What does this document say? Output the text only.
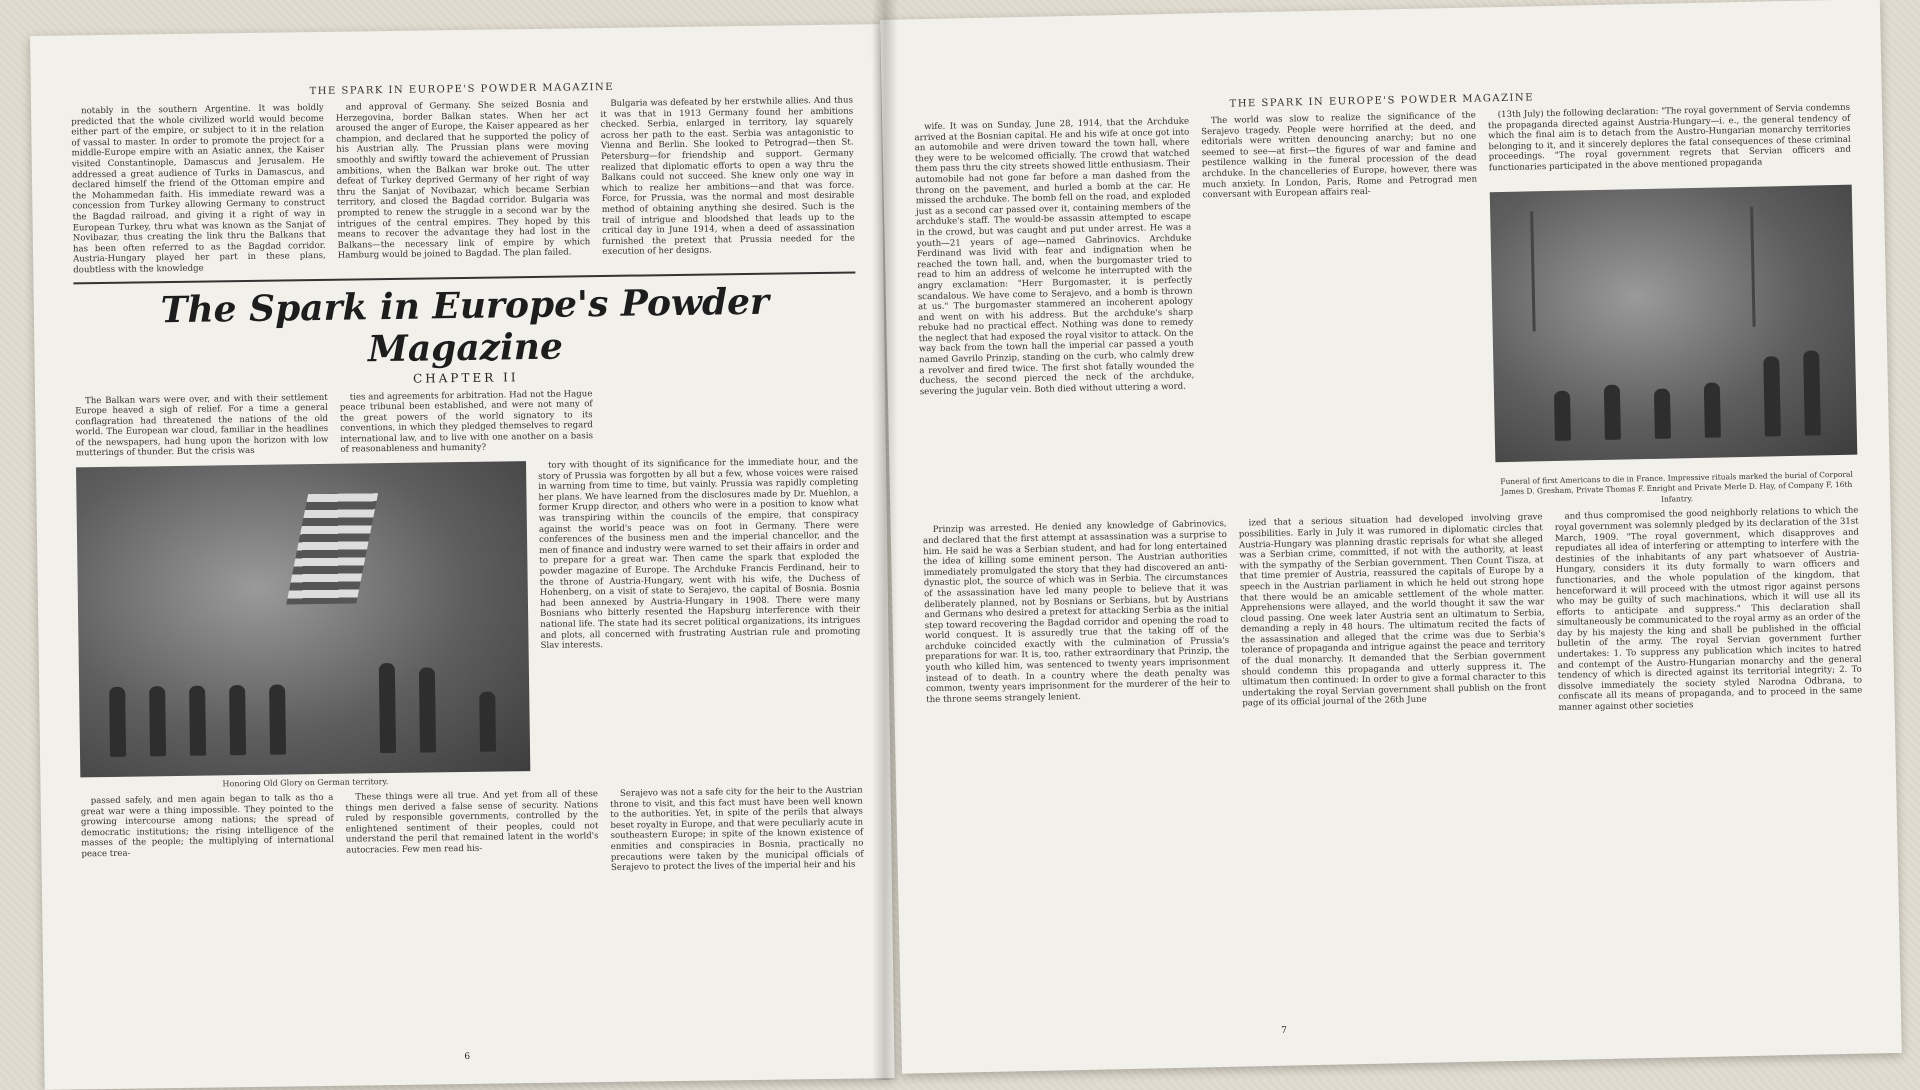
THE SPARK IN EUROPE'S POWDER MAGAZINE

notably in the southern Argentine. It was boldly predicted that the whole civilized world would become either part of the empire, or subject to it in the relation of vassal to master. In order to promote the project for a middle-Europe empire with an Asiatic annex, the Kaiser visited Constantinople, Damascus and Jerusalem. He addressed a great audience of Turks in Damascus, and declared himself the friend of the Ottoman empire and the Mohammedan faith. His immediate reward was a concession from Turkey allowing Germany to construct the Bagdad railroad, and giving it a right of way in European Turkey, thru what was known as the Sanjat of Novibazar, thus creating the link thru the Balkans that has been often referred to as the Bagdad corridor. Austria-Hungary played her part in these plans, doubtless with the knowledge

and approval of Germany. She seized Bosnia and Herzegovina, border Balkan states. When her act aroused the anger of Europe, the Kaiser appeared as her champion, and declared that he supported the policy of his Austrian ally. The Prussian plans were moving smoothly and swiftly toward the achievement of Prussian ambitions, when the Balkan war broke out. The utter defeat of Turkey deprived Germany of her right of way thru the Sanjat of Novibazar, which became Serbian territory, and closed the Bagdad corridor. Bulgaria was prompted to renew the struggle in a second war by the intrigues of the central empires. They hoped by this means to recover the advantage they had lost in the Balkans—the necessary link of empire by which Hamburg would be joined to Bagdad. The plan failed.

Bulgaria was defeated by her erstwhile allies. And thus it was that in 1913 Germany found her ambitions checked. Serbia, enlarged in territory, lay squarely across her path to the east. Serbia was antagonistic to Vienna and Berlin. She looked to Petrograd—then St. Petersburg—for friendship and support. Germany realized that diplomatic efforts to open a way thru the Balkans could not succeed. She knew only one way in which to realize her ambitions—and that was force. Force, for Prussia, was the normal and most desirable method of obtaining anything she desired. Such is the trail of intrigue and bloodshed that leads up to the critical day in June 1914, when a deed of assassination furnished the pretext that Prussia needed for the execution of her designs.

The Spark in Europe's Powder Magazine
CHAPTER II

The Balkan wars were over, and with their settlement Europe heaved a sigh of relief. For a time a general conflagration had threatened the nations of the old world. The European war cloud, familiar in the headlines of the newspapers, had hung upon the horizon with low mutterings of thunder. But the crisis was

ties and agreements for arbitration. Had not the Hague peace tribunal been established, and were not many of the great powers of the world signatory to its conventions, in which they pledged themselves to regard international law, and to live with one another on a basis of reasonableness and humanity?

Honoring Old Glory on German territory.

tory with thought of its significance for the immediate hour, and the story of Prussia was forgotten by all but a few, whose voices were raised in warning from time to time, but vainly. Prussia was rapidly completing her plans. We have learned from the disclosures made by Dr. Muehlon, a former Krupp director, and others who were in a position to know what was transpiring within the councils of the empire, that conspiracy against the world's peace was on foot in Germany. There were conferences of the business men and the imperial chancellor, and the men of finance and industry were warned to set their affairs in order and to prepare for a great war. Then came the spark that exploded the powder magazine of Europe. The Archduke Francis Ferdinand, heir to the throne of Austria-Hungary, went with his wife, the Duchess of Hohenberg, on a visit of state to Serajevo, the capital of Bosnia. Bosnia had been annexed by Austria-Hungary in 1908. There were many Bosnians who bitterly resented the Hapsburg interference with their national life. The state had its secret political organizations, its intrigues and plots, all concerned with frustrating Austrian rule and promoting Slav interests.

passed safely, and men again began to talk as tho a great war were a thing impossible. They pointed to the growing intercourse among nations; the spread of democratic institutions; the rising intelligence of the masses of the people; the multiplying of international peace trea-

These things were all true. And yet from all of these things men derived a false sense of security. Nations ruled by responsible governments, controlled by the enlightened sentiment of their peoples, could not understand the peril that remained latent in the world's autocracies. Few men read his-

Serajevo was not a safe city for the heir to the Austrian throne to visit, and this fact must have been well known to the authorities. Yet, in spite of the perils that always beset royalty in Europe, and that were peculiarly acute in southeastern Europe; in spite of the known existence of enmities and conspiracies in Bosnia, practically no precautions were taken by the municipal officials of Serajevo to protect the lives of the imperial heir and his

6
THE SPARK IN EUROPE'S POWDER MAGAZINE

wife. It was on Sunday, June 28, 1914, that the Archduke arrived at the Bosnian capital. He and his wife at once got into an automobile and were driven toward the town hall, where they were to be welcomed officially. The crowd that watched them pass thru the city streets showed little enthusiasm. Their automobile had not gone far before a man dashed from the throng on the pavement, and hurled a bomb at the car. He missed the archduke. The bomb fell on the road, and exploded just as a second car passed over it, containing members of the archduke's staff. The would-be assassin attempted to escape in the crowd, but was caught and put under arrest. He was a youth—21 years of age—named Gabrinovics. Archduke Ferdinand was livid with fear and indignation when he reached the town hall, and, when the burgomaster tried to read to him an address of welcome he interrupted with the angry exclamation: "Herr Burgomaster, it is perfectly scandalous. We have come to Serajevo, and a bomb is thrown at us." The burgomaster stammered an incoherent apology and went on with his address. But the archduke's sharp rebuke had no practical effect. Nothing was done to remedy the neglect that had exposed the royal visitor to attack. On the way back from the town hall the imperial car passed a youth named Gavrilo Prinzip, standing on the curb, who calmly drew a revolver and fired twice. The first shot fatally wounded the duchess, the second pierced the neck of the archduke, severing the jugular vein. Both died without uttering a word.

The world was slow to realize the significance of the Serajevo tragedy. People were horrified at the deed, and editorials were written denouncing anarchy; but no one seemed to see—at first—the figures of war and famine and pestilence walking in the funeral procession of the dead archduke. In the chancelleries of Europe, however, there was much anxiety. In London, Paris, Rome and Petrograd men conversant with European affairs real-

(13th July) the following declaration: "The royal government of Servia condemns the propaganda directed against Austria-Hungary—i. e., the general tendency of which the final aim is to detach from the Austro-Hungarian monarchy territories belonging to it, and it sincerely deplores the fatal consequences of these criminal proceedings. "The royal government regrets that Servian officers and functionaries participated in the above mentioned propaganda

Funeral of first Americans to die in France. Impressive rituals marked the burial of Corporal James D. Gresham, Private Thomas F. Enright and Private Merle D. Hay, of Company F, 16th Infantry.

Prinzip was arrested. He denied any knowledge of Gabrinovics, and declared that the first attempt at assassination was a surprise to him. He said he was a Serbian student, and had for long entertained the idea of killing some eminent person. The Austrian authorities immediately promulgated the story that they had discovered an anti-dynastic plot, the source of which was in Serbia. The circumstances of the assassination have led many people to believe that it was deliberately planned, not by Bosnians or Serbians, but by Austrians and Germans who desired a pretext for attacking Serbia as the initial step toward recovering the Bagdad corridor and opening the road to world conquest. It is assuredly true that the taking off of the archduke coincided exactly with the culmination of Prussia's preparations for war. It is, too, rather extraordinary that Prinzip, the youth who killed him, was sentenced to twenty years imprisonment instead of to death. In a country where the death penalty was common, twenty years imprisonment for the murderer of the heir to the throne seems strangely lenient.

ized that a serious situation had developed involving grave possibilities. Early in July it was rumored in diplomatic circles that Austria-Hungary was planning drastic reprisals for what she alleged was a Serbian crime, committed, if not with the authority, at least with the sympathy of the Serbian government. Then Count Tisza, at that time premier of Austria, reassured the capitals of Europe by a speech in the Austrian parliament in which he held out strong hope that there would be an amicable settlement of the whole matter. Apprehensions were allayed, and the world thought it saw the war cloud passing. One week later Austria sent an ultimatum to Serbia, demanding a reply in 48 hours. The ultimatum recited the facts of the assassination and alleged that the crime was due to Serbia's tolerance of propaganda and intrigue against the peace and territory of the dual monarchy. It demanded that the Serbian government should condemn this propaganda and utterly suppress it. The ultimatum then continued: In order to give a formal character to this undertaking the royal Servian government shall publish on the front page of its official journal of the 26th June

and thus compromised the good neighborly relations to which the royal government was solemnly pledged by its declaration of the 31st March, 1909. "The royal government, which disapproves and repudiates all idea of interfering or attempting to interfere with the destinies of the inhabitants of any part whatsoever of Austria-Hungary, considers it its duty formally to warn officers and functionaries, and the whole population of the kingdom, that henceforward it will proceed with the utmost rigor against persons who may be guilty of such machinations, which it will use all its efforts to anticipate and suppress." This declaration shall simultaneously be communicated to the royal army as an order of the day by his majesty the king and shall be published in the official bulletin of the army. The royal Servian government further undertakes: 1. To suppress any publication which incites to hatred and contempt of the Austro-Hungarian monarchy and the general tendency of which is directed against its territorial integrity; 2. To dissolve immediately the society styled Narodna Odbrana, to confiscate all its means of propaganda, and to proceed in the same manner against other societies

7
